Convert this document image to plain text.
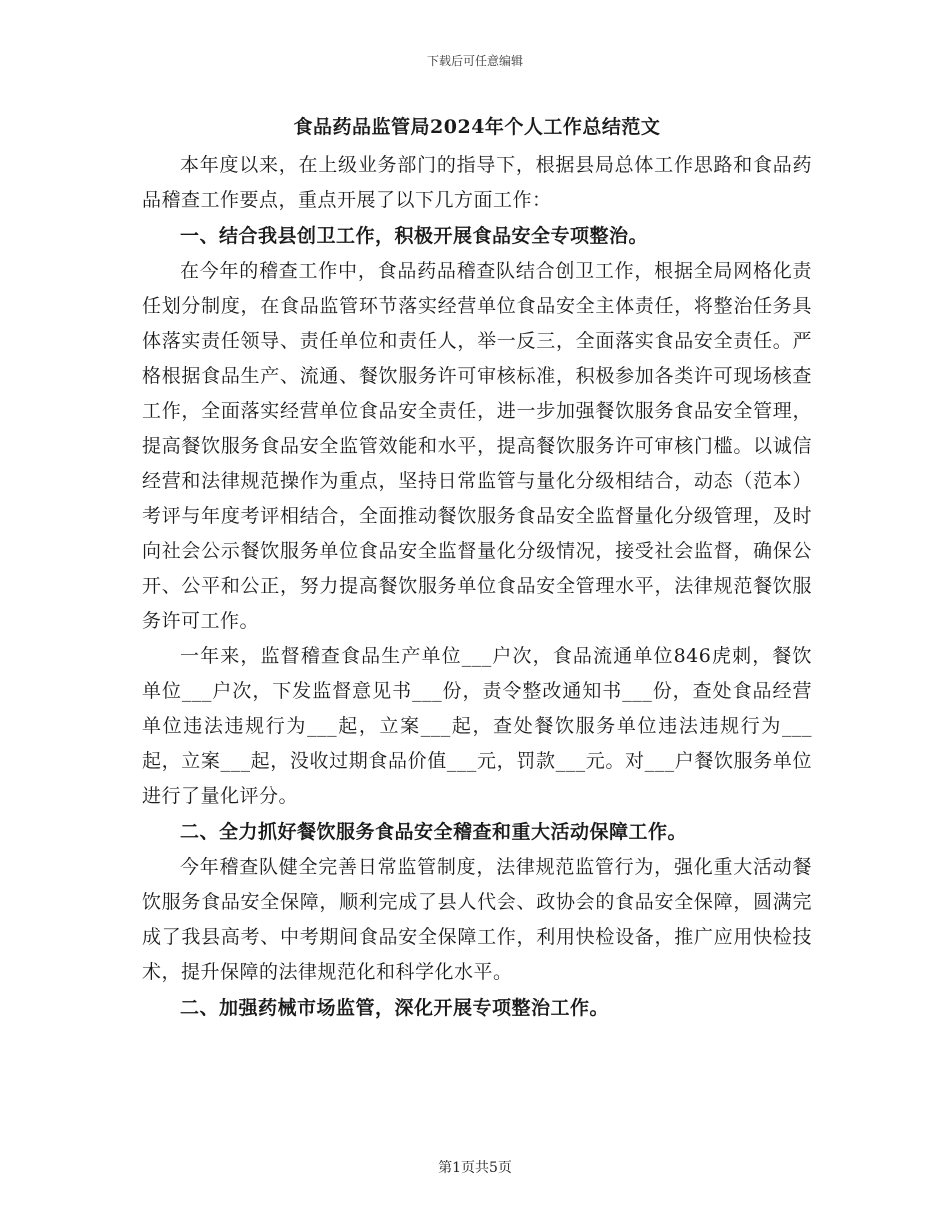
下载后可任意编辑
食品药品监管局2024年个人工作总结范文

本年度以来，在上级业务部门的指导下，根据县局总体工作思路和食品药品稽查工作要点，重点开展了以下几方面工作：

一、结合我县创卫工作，积极开展食品安全专项整治。

在今年的稽查工作中，食品药品稽查队结合创卫工作，根据全局网格化责任划分制度，在食品监管环节落实经营单位食品安全主体责任，将整治任务具体落实责任领导、责任单位和责任人，举一反三，全面落实食品安全责任。严格根据食品生产、流通、餐饮服务许可审核标准，积极参加各类许可现场核查工作，全面落实经营单位食品安全责任，进一步加强餐饮服务食品安全管理，提高餐饮服务食品安全监管效能和水平，提高餐饮服务许可审核门槛。以诚信经营和法律规范操作为重点，坚持日常监管与量化分级相结合，动态（范本）考评与年度考评相结合，全面推动餐饮服务食品安全监督量化分级管理，及时向社会公示餐饮服务单位食品安全监督量化分级情况，接受社会监督，确保公开、公平和公正，努力提高餐饮服务单位食品安全管理水平，法律规范餐饮服务许可工作。

一年来，监督稽查食品生产单位___户次，食品流通单位846虎刺，餐饮单位___户次，下发监督意见书___份，责令整改通知书___份，查处食品经营单位违法违规行为___起，立案___起，查处餐饮服务单位违法违规行为___起，立案___起，没收过期食品价值___元，罚款___元。对___户餐饮服务单位进行了量化评分。

二、全力抓好餐饮服务食品安全稽查和重大活动保障工作。

今年稽查队健全完善日常监管制度，法律规范监管行为，强化重大活动餐饮服务食品安全保障，顺利完成了县人代会、政协会的食品安全保障，圆满完成了我县高考、中考期间食品安全保障工作，利用快检设备，推广应用快检技术，提升保障的法律规范化和科学化水平。

二、加强药械市场监管，深化开展专项整治工作。

第1页共5页
